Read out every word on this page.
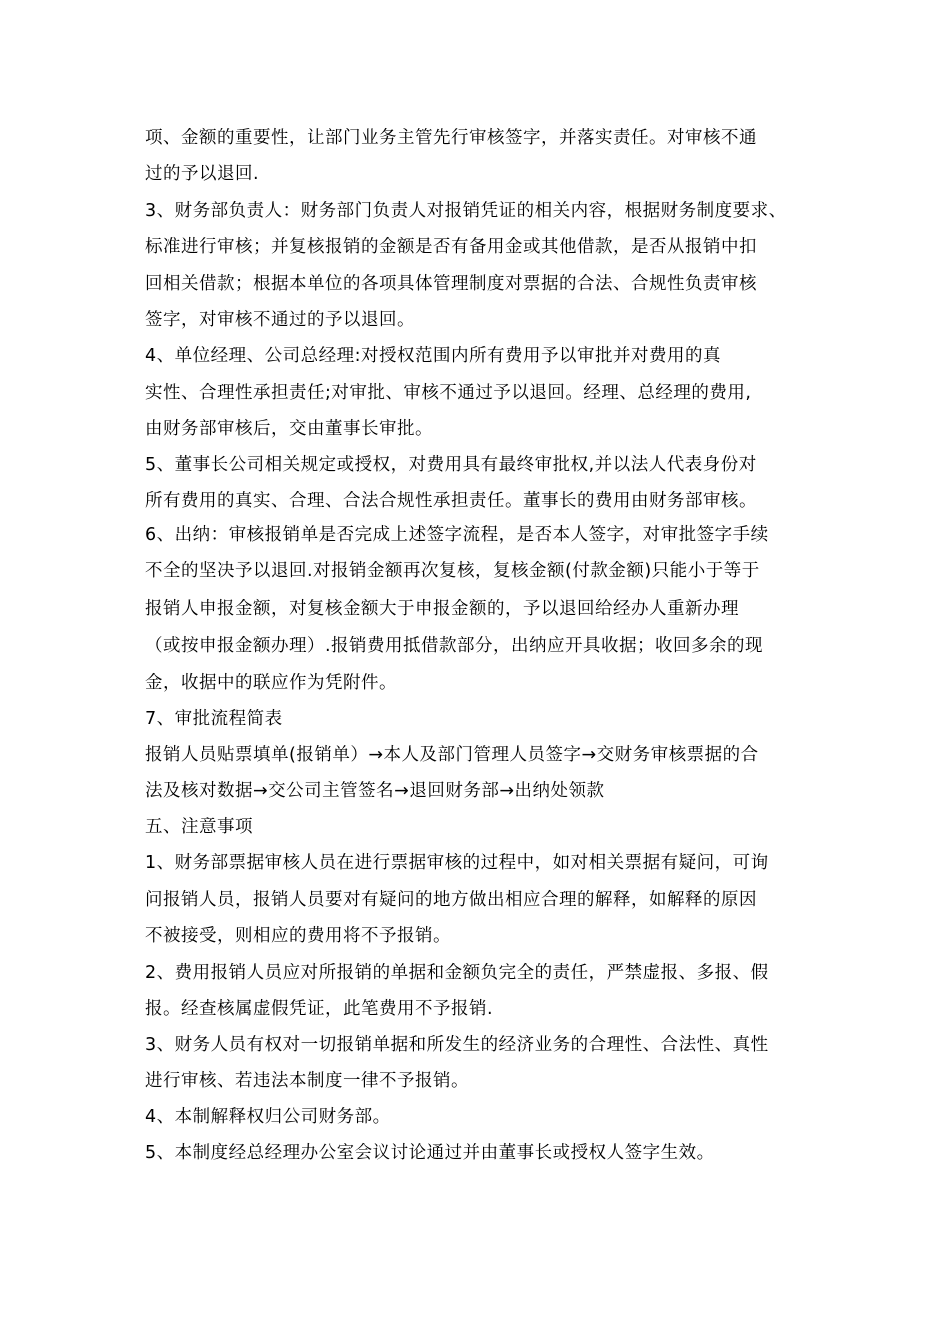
项、金额的重要性，让部门业务主管先行审核签字，并落实责任。对审核不通
过的予以退回.
3、财务部负责人：财务部门负责人对报销凭证的相关内容，根据财务制度要求、
标准进行审核；并复核报销的金额是否有备用金或其他借款，是否从报销中扣
回相关借款；根据本单位的各项具体管理制度对票据的合法、合规性负责审核
签字，对审核不通过的予以退回。
4、单位经理、公司总经理:对授权范围内所有费用予以审批并对费用的真
实性、合理性承担责任;对审批、审核不通过予以退回。经理、总经理的费用,
由财务部审核后，交由董事长审批。
5、董事长公司相关规定或授权，对费用具有最终审批权,并以法人代表身份对
所有费用的真实、合理、合法合规性承担责任。董事长的费用由财务部审核。
6、出纳：审核报销单是否完成上述签字流程，是否本人签字，对审批签字手续
不全的坚决予以退回.对报销金额再次复核，复核金额(付款金额)只能小于等于
报销人申报金额，对复核金额大于申报金额的，予以退回给经办人重新办理
（或按申报金额办理）.报销费用抵借款部分，出纳应开具收据；收回多余的现
金，收据中的联应作为凭附件。
7、审批流程简表
报销人员贴票填单(报销单）→本人及部门管理人员签字→交财务审核票据的合
法及核对数据→交公司主管签名→退回财务部→出纳处领款
五、注意事项
1、财务部票据审核人员在进行票据审核的过程中，如对相关票据有疑问，可询
问报销人员，报销人员要对有疑问的地方做出相应合理的解释，如解释的原因
不被接受，则相应的费用将不予报销。
2、费用报销人员应对所报销的单据和金额负完全的责任，严禁虚报、多报、假
报。经查核属虚假凭证，此笔费用不予报销.
3、财务人员有权对一切报销单据和所发生的经济业务的合理性、合法性、真性
进行审核、若违法本制度一律不予报销。
4、本制解释权归公司财务部。
5、本制度经总经理办公室会议讨论通过并由董事长或授权人签字生效。
